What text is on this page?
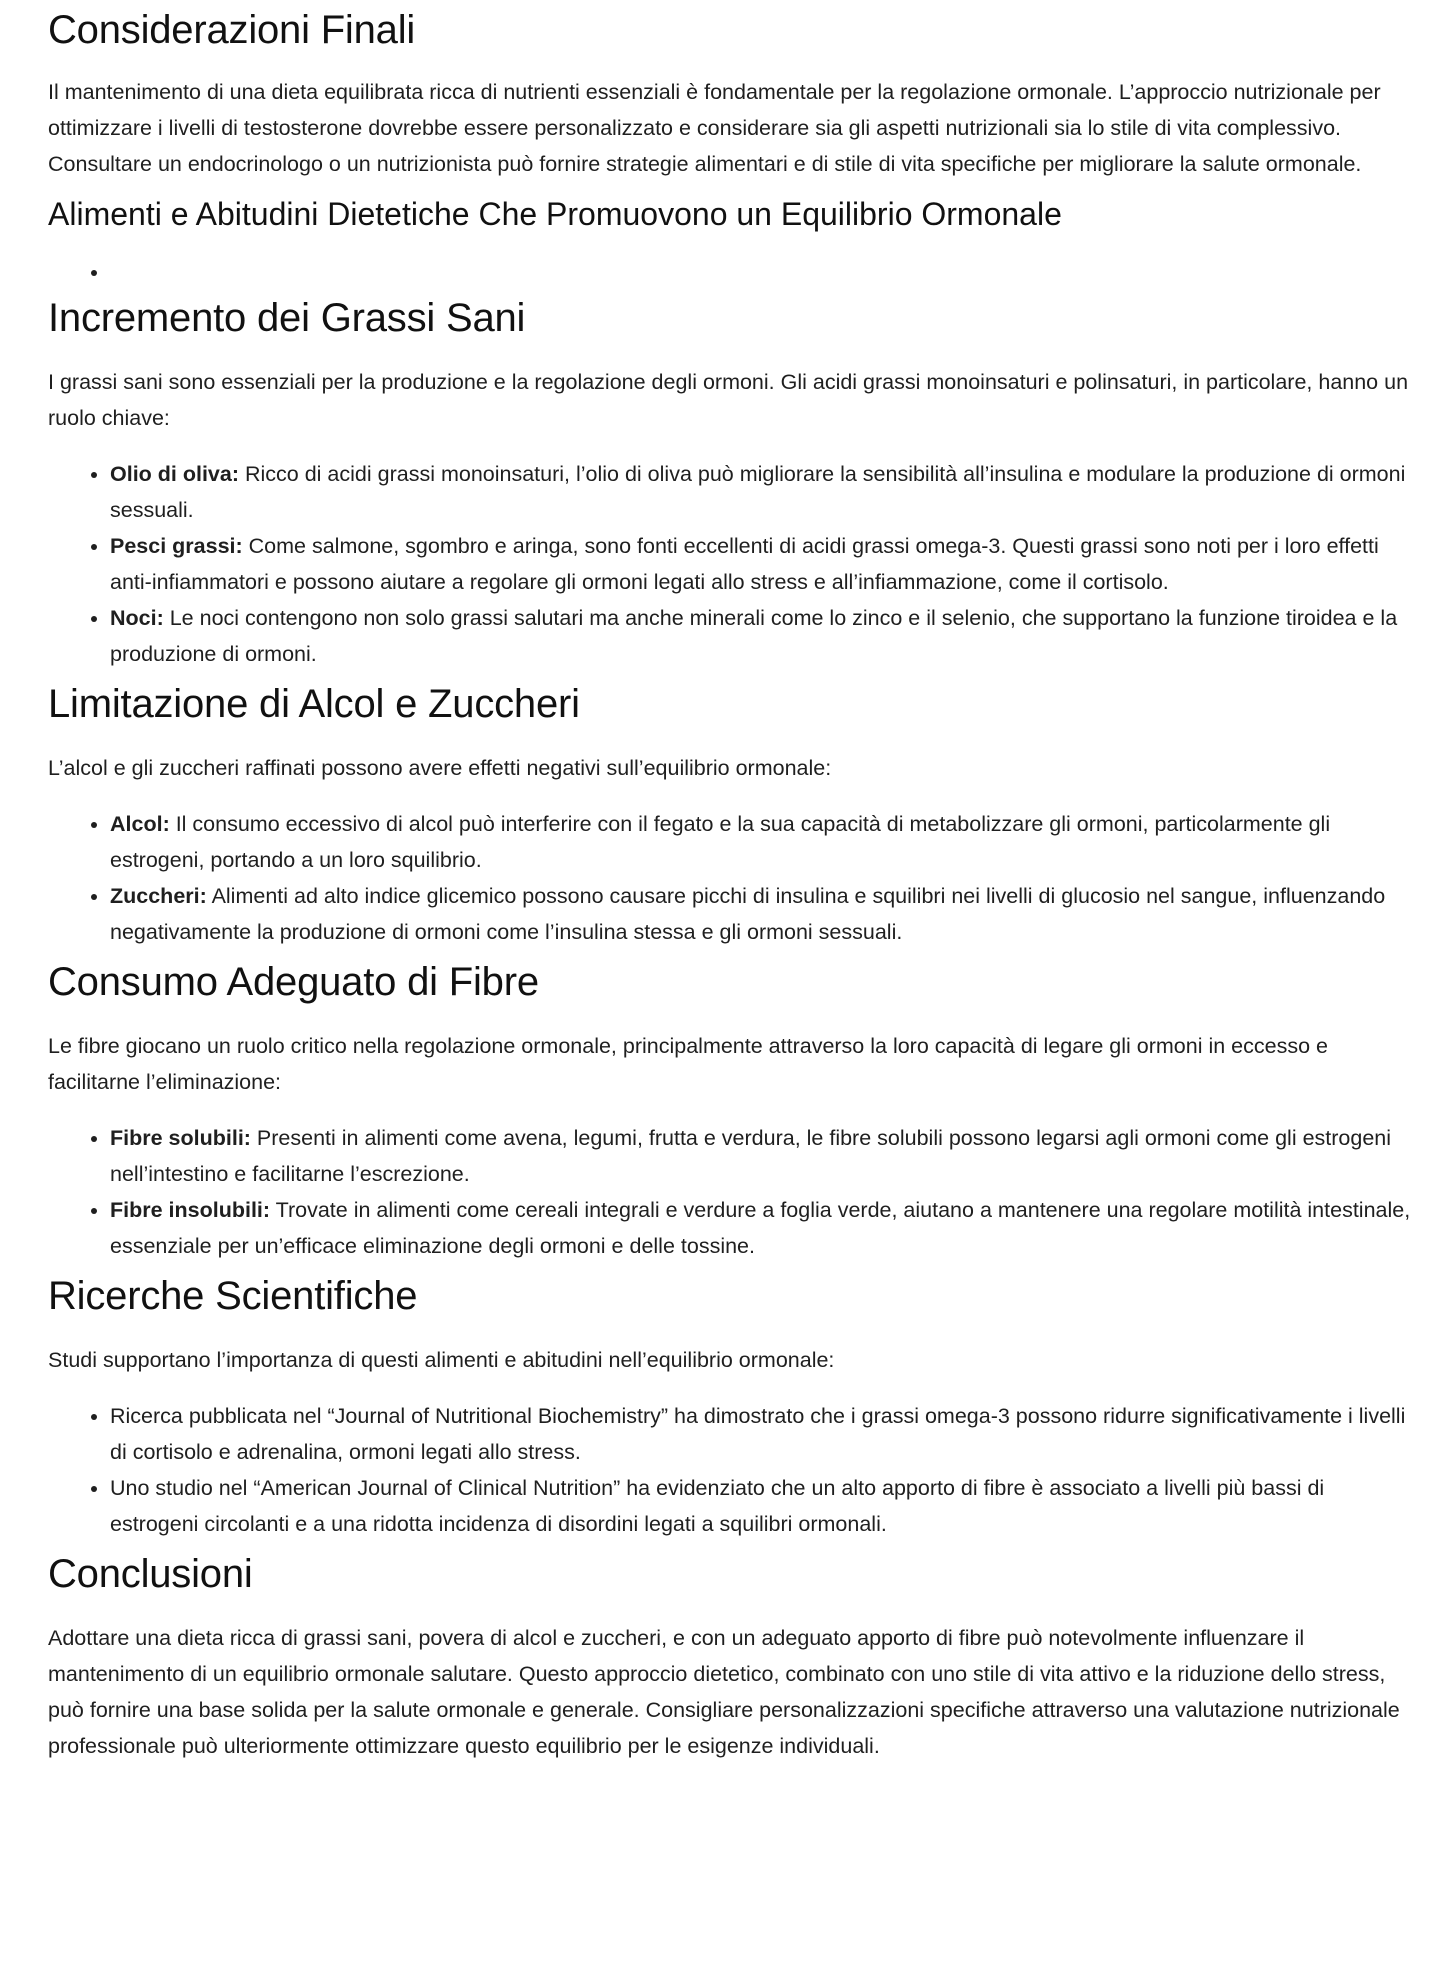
Considerazioni Finali

Il mantenimento di una dieta equilibrata ricca di nutrienti essenziali è fondamentale per la regolazione ormonale. L’approccio nutrizionale per ottimizzare i livelli di testosterone dovrebbe essere personalizzato e considerare sia gli aspetti nutrizionali sia lo stile di vita complessivo. Consultare un endocrinologo o un nutrizionista può fornire strategie alimentari e di stile di vita specifiche per migliorare la salute ormonale.

Alimenti e Abitudini Dietetiche Che Promuovono un Equilibrio Ormonale
•
Incremento dei Grassi Sani

I grassi sani sono essenziali per la produzione e la regolazione degli ormoni. Gli acidi grassi monoinsaturi e polinsaturi, in particolare, hanno un ruolo chiave:

• Olio di oliva: Ricco di acidi grassi monoinsaturi, l’olio di oliva può migliorare la sensibilità all’insulina e modulare la produzione di ormoni sessuali.
• Pesci grassi: Come salmone, sgombro e aringa, sono fonti eccellenti di acidi grassi omega-3. Questi grassi sono noti per i loro effetti anti-infiammatori e possono aiutare a regolare gli ormoni legati allo stress e all’infiammazione, come il cortisolo.
• Noci: Le noci contengono non solo grassi salutari ma anche minerali come lo zinco e il selenio, che supportano la funzione tiroidea e la produzione di ormoni.
Limitazione di Alcol e Zuccheri

L’alcol e gli zuccheri raffinati possono avere effetti negativi sull’equilibrio ormonale:

• Alcol: Il consumo eccessivo di alcol può interferire con il fegato e la sua capacità di metabolizzare gli ormoni, particolarmente gli estrogeni, portando a un loro squilibrio.
• Zuccheri: Alimenti ad alto indice glicemico possono causare picchi di insulina e squilibri nei livelli di glucosio nel sangue, influenzando negativamente la produzione di ormoni come l’insulina stessa e gli ormoni sessuali.
Consumo Adeguato di Fibre

Le fibre giocano un ruolo critico nella regolazione ormonale, principalmente attraverso la loro capacità di legare gli ormoni in eccesso e facilitarne l’eliminazione:

• Fibre solubili: Presenti in alimenti come avena, legumi, frutta e verdura, le fibre solubili possono legarsi agli ormoni come gli estrogeni nell’intestino e facilitarne l’escrezione.
• Fibre insolubili: Trovate in alimenti come cereali integrali e verdure a foglia verde, aiutano a mantenere una regolare motilità intestinale, essenziale per un’efficace eliminazione degli ormoni e delle tossine.
Ricerche Scientifiche

Studi supportano l’importanza di questi alimenti e abitudini nell’equilibrio ormonale:

• Ricerca pubblicata nel “Journal of Nutritional Biochemistry” ha dimostrato che i grassi omega-3 possono ridurre significativamente i livelli di cortisolo e adrenalina, ormoni legati allo stress.
• Uno studio nel “American Journal of Clinical Nutrition” ha evidenziato che un alto apporto di fibre è associato a livelli più bassi di estrogeni circolanti e a una ridotta incidenza di disordini legati a squilibri ormonali.
Conclusioni

Adottare una dieta ricca di grassi sani, povera di alcol e zuccheri, e con un adeguato apporto di fibre può notevolmente influenzare il mantenimento di un equilibrio ormonale salutare. Questo approccio dietetico, combinato con uno stile di vita attivo e la riduzione dello stress, può fornire una base solida per la salute ormonale e generale. Consigliare personalizzazioni specifiche attraverso una valutazione nutrizionale professionale può ulteriormente ottimizzare questo equilibrio per le esigenze individuali.
